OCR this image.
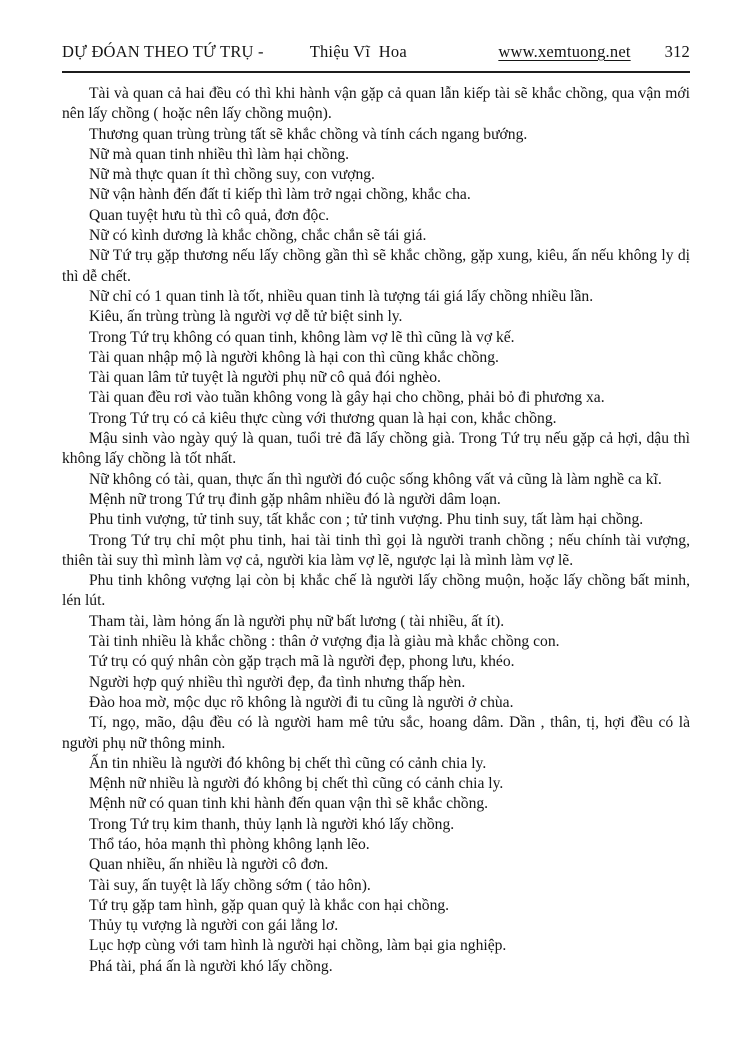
DỰ ĐÓAN THEO TỨ TRỤ -	Thiệu Vĩ  Hoa	www.xemtuong.net 312

Tài và quan cả hai đều có thì khi hành vận gặp cả quan lẫn kiếp tài sẽ khắc chồng, qua vận mới nên lấy chồng ( hoặc nên lấy chồng muộn).

Thương quan trùng trùng tất sẽ khắc chồng và tính cách ngang bướng.

Nữ mà quan tinh nhiều thì làm hại chồng.

Nữ mà thực quan ít thì chồng suy, con vượng.

Nữ vận hành đến đất tỉ kiếp thì làm trở ngại chồng, khắc cha.

Quan tuyệt hưu tù thì cô quả, đơn độc.

Nữ có kình dương là khắc chồng, chắc chắn sẽ tái giá.

Nữ Tứ trụ gặp thương nếu lấy chồng gần thì sẽ khắc chồng, gặp xung, kiêu, ấn nếu không ly dị thì dễ chết.

Nữ chỉ có 1 quan tinh là tốt, nhiều quan tinh là tượng tái giá lấy chồng nhiều lần.

Kiêu, ấn trùng trùng là người vợ dễ tử biệt sinh ly.

Trong Tứ trụ không có quan tinh, không làm vợ lẽ thì cũng là vợ kế.

Tài quan nhập mộ là người không là hại con thì cũng khắc chồng.

Tài quan lâm tử tuyệt là người phụ nữ cô quả đói nghèo.

Tài quan đều rơi vào tuần không vong là gây hại cho chồng, phải bỏ đi phương xa.

Trong Tứ trụ có cả kiêu thực cùng với thương quan là hại con, khắc chồng.

Mậu sinh vào ngày quý là quan, tuổi trẻ đã lấy chồng già. Trong Tứ trụ nếu gặp cả hợi, dậu thì không lấy chồng là tốt nhất.

Nữ không có tài, quan, thực ấn thì người đó cuộc sống không vất vả cũng là làm nghề ca kĩ.

Mệnh nữ trong Tứ trụ đinh gặp nhâm nhiều đó là người dâm loạn.

Phu tinh vượng, tử tinh suy, tất khắc con ; tử tinh vượng. Phu tinh suy, tất làm hại chồng.

Trong Tứ trụ chỉ một phu tinh, hai tài tinh thì gọi là người tranh chồng ; nếu chính tài vượng, thiên tài suy thì mình làm vợ cả, người kia làm vợ lẽ, ngược lại là mình làm vợ lẽ.

Phu tinh không vượng lại còn bị khắc chế là người lấy chồng muộn, hoặc lấy chồng bất minh, lén lút.

Tham tài, làm hỏng ấn là người phụ nữ bất lương ( tài nhiều, ất ít).

Tài tinh nhiều là khắc chồng : thân ở vượng địa là giàu mà khắc chồng con.

Tứ trụ có quý nhân còn gặp trạch mã là người đẹp, phong lưu, khéo.

Người hợp quý nhiều thì người đẹp, đa tình nhưng thấp hèn.

Đào hoa mờ, mộc dục rõ không là người đi tu cũng là người ở chùa.

Tí, ngọ, mão, dậu đều có là người ham mê tửu sắc, hoang dâm. Dần , thân, tị, hợi đều có là người phụ nữ thông minh.

Ấn tin nhiều là người đó không bị chết thì cũng có cảnh chia ly.

Mệnh nữ nhiều là người đó không bị chết thì cũng có cảnh chia ly.

Mệnh nữ có quan tinh khi hành đến quan vận thì sẽ khắc chồng.

Trong Tứ trụ kim thanh, thủy lạnh là người khó lấy chồng.

Thổ táo, hỏa mạnh thì phòng không lạnh lẽo.

Quan nhiều, ấn nhiều là người cô đơn.

Tài suy, ấn tuyệt là lấy chồng sớm ( tảo hôn).

Tứ trụ gặp tam hình, gặp quan quỷ là khắc con hại chồng.

Thủy tụ vượng là người con gái lẳng lơ.

Lục hợp cùng với tam hình là người hại chồng, làm bại gia nghiệp.

Phá tài, phá ấn là người khó lấy chồng.
